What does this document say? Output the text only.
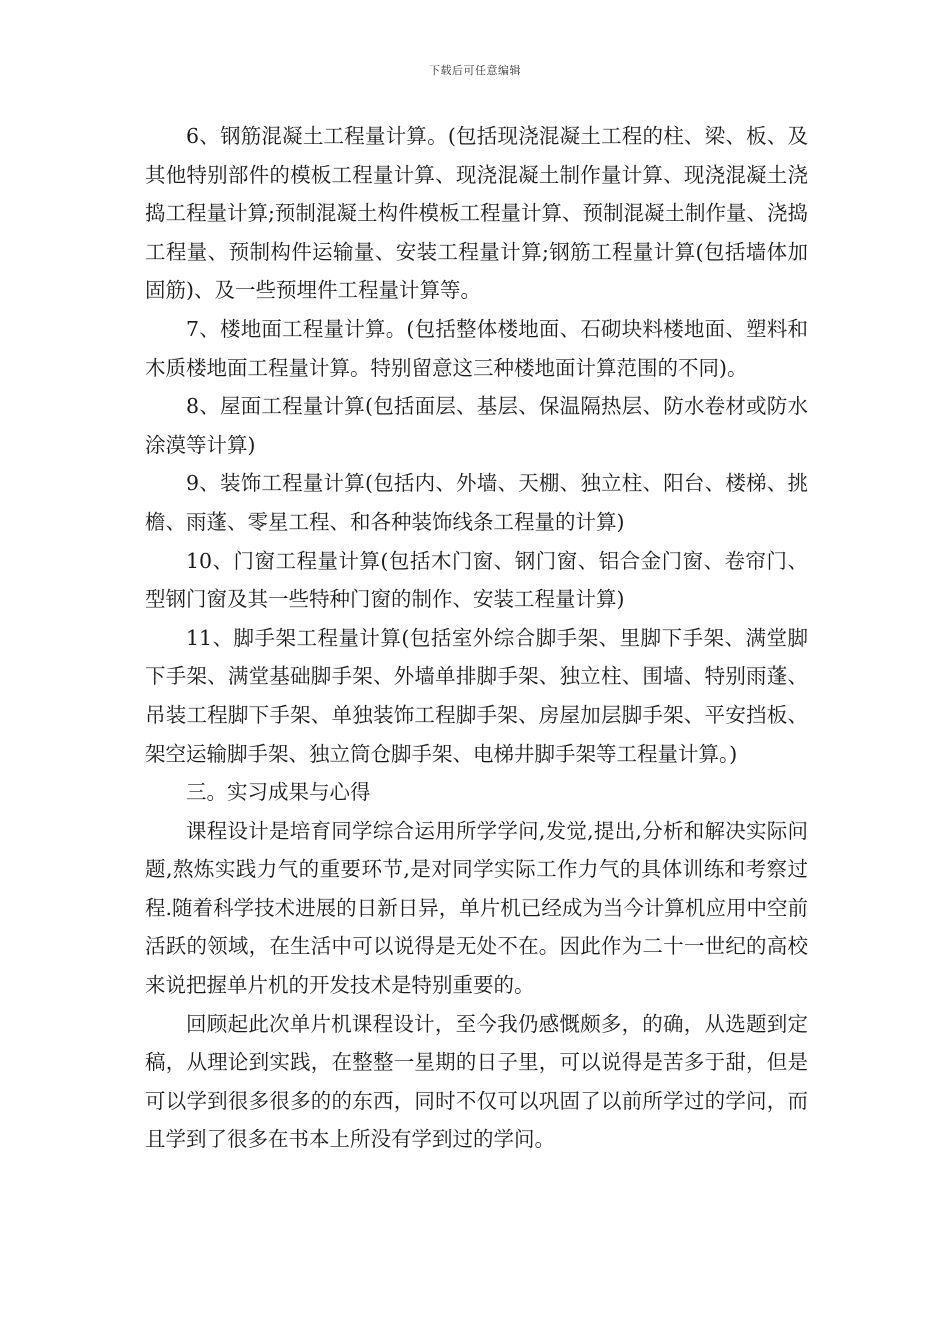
下载后可任意编辑

6、钢筋混凝土工程量计算。(包括现浇混凝土工程的柱、梁、板、及其他特别部件的模板工程量计算、现浇混凝土制作量计算、现浇混凝土浇捣工程量计算;预制混凝土构件模板工程量计算、预制混凝土制作量、浇捣工程量、预制构件运输量、安装工程量计算;钢筋工程量计算(包括墙体加固筋)、及一些预埋件工程量计算等。

7、楼地面工程量计算。(包括整体楼地面、石砌块料楼地面、塑料和木质楼地面工程量计算。特别留意这三种楼地面计算范围的不同)。

8、屋面工程量计算(包括面层、基层、保温隔热层、防水卷材或防水涂漠等计算)

9、装饰工程量计算(包括内、外墙、天棚、独立柱、阳台、楼梯、挑檐、雨蓬、零星工程、和各种装饰线条工程量的计算)

10、门窗工程量计算(包括木门窗、钢门窗、铝合金门窗、卷帘门、型钢门窗及其一些特种门窗的制作、安装工程量计算)

11、脚手架工程量计算(包括室外综合脚手架、里脚下手架、满堂脚下手架、满堂基础脚手架、外墙单排脚手架、独立柱、围墙、特别雨蓬、吊装工程脚下手架、单独装饰工程脚手架、房屋加层脚手架、平安挡板、架空运输脚手架、独立筒仓脚手架、电梯井脚手架等工程量计算。)

三。实习成果与心得

课程设计是培育同学综合运用所学学问,发觉,提出,分析和解决实际问题,熬炼实践力气的重要环节,是对同学实际工作力气的具体训练和考察过程.随着科学技术进展的日新日异，单片机已经成为当今计算机应用中空前活跃的领域，在生活中可以说得是无处不在。因此作为二十一世纪的高校来说把握单片机的开发技术是特别重要的。

回顾起此次单片机课程设计，至今我仍感慨颇多，的确，从选题到定稿，从理论到实践，在整整一星期的日子里，可以说得是苦多于甜，但是可以学到很多很多的的东西，同时不仅可以巩固了以前所学过的学问，而且学到了很多在书本上所没有学到过的学问。
